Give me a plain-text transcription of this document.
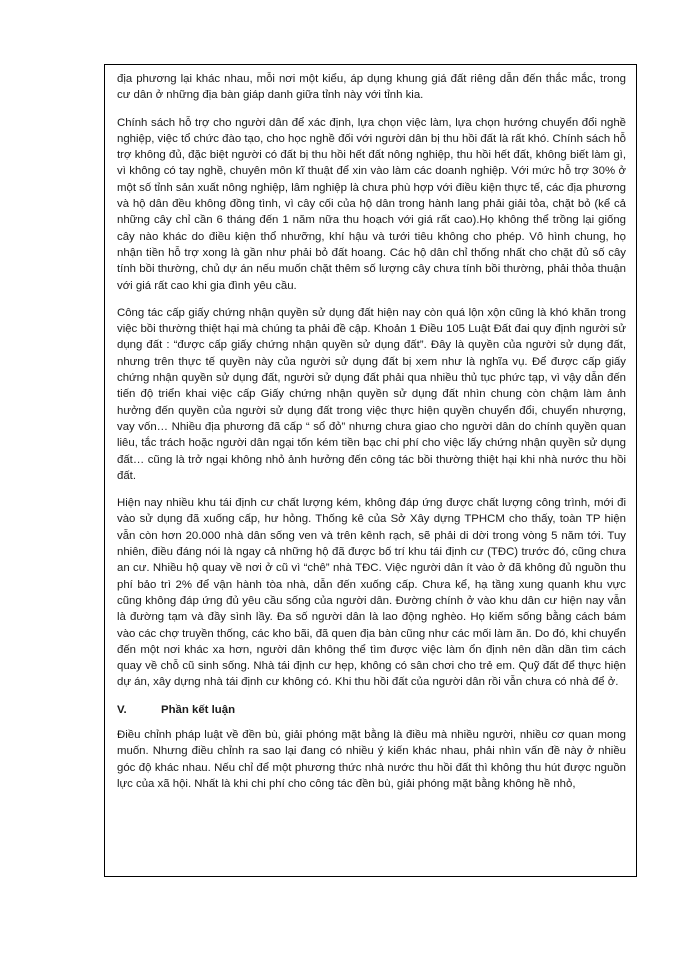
địa phương lại khác nhau, mỗi nơi một kiểu, áp dụng khung giá đất riêng dẫn đến thắc mắc, trong cư dân ở những địa bàn giáp danh giữa tỉnh này với tỉnh kia.

Chính sách hỗ trợ cho người dân để xác định, lựa chọn việc làm, lựa chọn hướng chuyển đổi nghề nghiệp, việc tổ chức đào tạo, cho học nghề đối với người dân bị thu hồi đất là rất khó. Chính sách hỗ trợ không đủ, đặc biệt người có đất bị thu hồi hết đất nông nghiệp, thu hồi hết đất, không biết làm gì, vì không có tay nghề, chuyên môn kĩ thuật để xin vào làm các doanh nghiệp. Với mức hỗ trợ 30% ở một số tỉnh sản xuất nông nghiệp, lâm nghiệp là chưa phù hợp với điều kiện thực tế, các địa phương và hộ dân đều không đồng tình, vì cây cối của hộ dân trong hành lang phải giải tỏa, chặt bỏ (kể cả những cây chỉ cần 6 tháng đến 1 năm nữa thu hoạch với giá rất cao).Họ không thể trồng lại giống cây nào khác do điều kiện thổ nhưỡng, khí hậu và tưới tiêu không cho phép. Vô hình chung, họ nhận tiền hỗ trợ xong là gần như phải bỏ đất hoang. Các hộ dân chỉ thống nhất cho chặt đủ số cây tính bồi thường, chủ dự án nếu muốn chặt thêm số lượng cây chưa tính bồi thường, phải thỏa thuận với giá rất cao khi gia đình yêu cầu.

Công tác cấp giấy chứng nhận quyền sử dụng đất hiện nay còn quá lộn xộn cũng là khó khăn trong việc bồi thường thiệt hại mà chúng ta phải đề cập. Khoản 1 Điều 105 Luật Đất đai quy định người sử dụng đất : “được cấp giấy chứng nhận quyền sử dụng đất”. Đây là quyền của người sử dụng đất, nhưng trên thực tế quyền này của người sử dụng đất bị xem như là nghĩa vụ. Để được cấp giấy chứng nhận quyền sử dụng đất, người sử dụng đất phải qua nhiều thủ tục phức tạp, vì vậy dẫn đến tiến độ triển khai việc cấp Giấy chứng nhận quyền sử dụng đất nhìn chung còn chậm làm ảnh hưởng đến quyền của người sử dụng đất trong việc thực hiện quyền chuyển đổi, chuyển nhượng, vay vốn… Nhiều địa phương đã cấp “ sổ đỏ” nhưng chưa giao cho người dân do chính quyền quan liêu, tắc trách hoặc người dân ngại tốn kém tiền bạc chi phí cho việc lấy chứng nhận quyền sử dụng đất… cũng là trở ngại không nhỏ ảnh hưởng đến công tác bồi thường thiệt hại khi nhà nước thu hồi đất.

Hiện nay nhiều khu tái định cư chất lượng kém, không đáp ứng được chất lượng công trình, mới đi vào sử dụng đã xuống cấp, hư hỏng. Thống kê của Sở Xây dựng TPHCM cho thấy, toàn TP hiện vẫn còn hơn 20.000 nhà dân sống ven và trên kênh rạch, sẽ phải di dời trong vòng 5 năm tới. Tuy nhiên, điều đáng nói là ngay cả những hộ đã được bố trí khu tái định cư (TĐC) trước đó, cũng chưa an cư. Nhiều hộ quay về nơi ở cũ vì “chê” nhà TĐC. Việc người dân ít vào ở đã không đủ nguồn thu phí bảo trì 2% để vận hành tòa nhà, dẫn đến xuống cấp. Chưa kể, hạ tầng xung quanh khu vực cũng không đáp ứng đủ yêu cầu sống của người dân. Đường chính ở vào khu dân cư hiện nay vẫn là đường tạm và đầy sình lầy. Đa số người dân là lao động nghèo. Họ kiếm sống bằng cách bám vào các chợ truyền thống, các kho bãi, đã quen địa bàn cũng như các mối làm ăn. Do đó, khi chuyển đến một nơi khác xa hơn, người dân không thể tìm được việc làm ổn định nên dần dần tìm cách quay về chỗ cũ sinh sống. Nhà tái định cư hẹp, không có sân chơi cho trẻ em. Quỹ đất để thực hiện dự án, xây dựng nhà tái định cư không có. Khi thu hồi đất của người dân rồi vẫn chưa có nhà để ở.

V.	Phần kết luận

Điều chỉnh pháp luật về đền bù, giải phóng mặt bằng là điều mà nhiều người, nhiều cơ quan mong muốn. Nhưng điều chỉnh ra sao lại đang có nhiều ý kiến khác nhau, phải nhìn vấn đề này ở nhiều góc độ khác nhau. Nếu chỉ để một phương thức nhà nước thu hồi đất thì không thu hút được nguồn lực của xã hội. Nhất là khi chi phí cho công tác đền bù, giải phóng mặt bằng không hề nhỏ,
